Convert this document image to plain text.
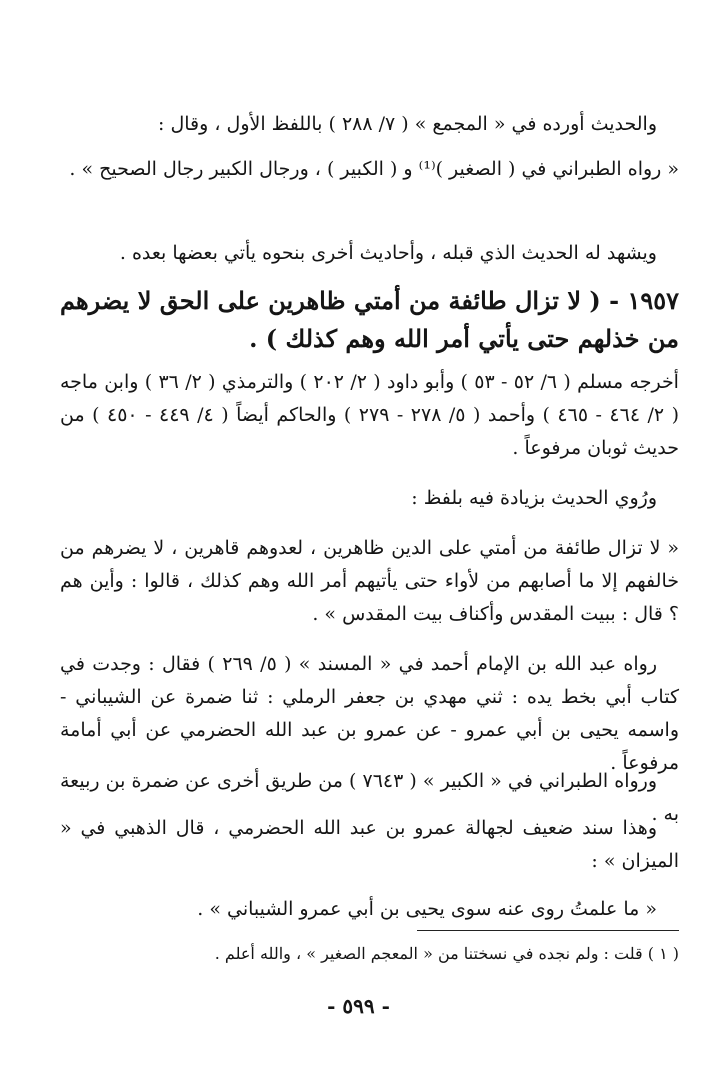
والحديث أورده في « المجمع » ( ٧/ ٢٨٨ ) باللفظ الأول ، وقال :

« رواه الطبراني في ( الصغير )⁽¹⁾ و ( الكبير ) ، ورجال الكبير رجال الصحيح » .

ويشهد له الحديث الذي قبله ، وأحاديث أخرى بنحوه يأتي بعضها بعده .

١٩٥٧ - ( لا تزال طائفة من أمتي ظاهرين على الحق لا يضرهم من خذلهم حتى يأتي أمر الله وهم كذلك ) .

أخرجه مسلم ( ٦/ ٥٢ - ٥٣ ) وأبو داود ( ٢/ ٢٠٢ ) والترمذي ( ٢/ ٣٦ ) وابن ماجه ( ٢/ ٤٦٤ - ٤٦٥ ) وأحمد ( ٥/ ٢٧٨ - ٢٧٩ ) والحاكم أيضاً ( ٤/ ٤٤٩ - ٤٥٠ ) من حديث ثوبان مرفوعاً .

ورُوي الحديث بزيادة فيه بلفظ :

« لا تزال طائفة من أمتي على الدين ظاهرين ، لعدوهم قاهرين ، لا يضرهم من خالفهم إلا ما أصابهم من لأواء حتى يأتيهم أمر الله وهم كذلك ، قالوا : وأين هم ؟ قال : ببيت المقدس وأكناف بيت المقدس » .

رواه عبد الله بن الإمام أحمد في « المسند » ( ٥/ ٢٦٩ ) فقال : وجدت في كتاب أبي بخط يده : ثني مهدي بن جعفر الرملي : ثنا ضمرة عن الشيباني - واسمه يحيى بن أبي عمرو - عن عمرو بن عبد الله الحضرمي عن أبي أمامة مرفوعاً .

ورواه الطبراني في « الكبير » ( ٧٦٤٣ ) من طريق أخرى عن ضمرة بن ربيعة به .

وهذا سند ضعيف لجهالة عمرو بن عبد الله الحضرمي ، قال الذهبي في « الميزان » :

« ما علمتُ روى عنه سوى يحيى بن أبي عمرو الشيباني » .

( ١ ) قلت : ولم نجده في نسختنا من « المعجم الصغير » ، والله أعلم .

- ٥٩٩ -
